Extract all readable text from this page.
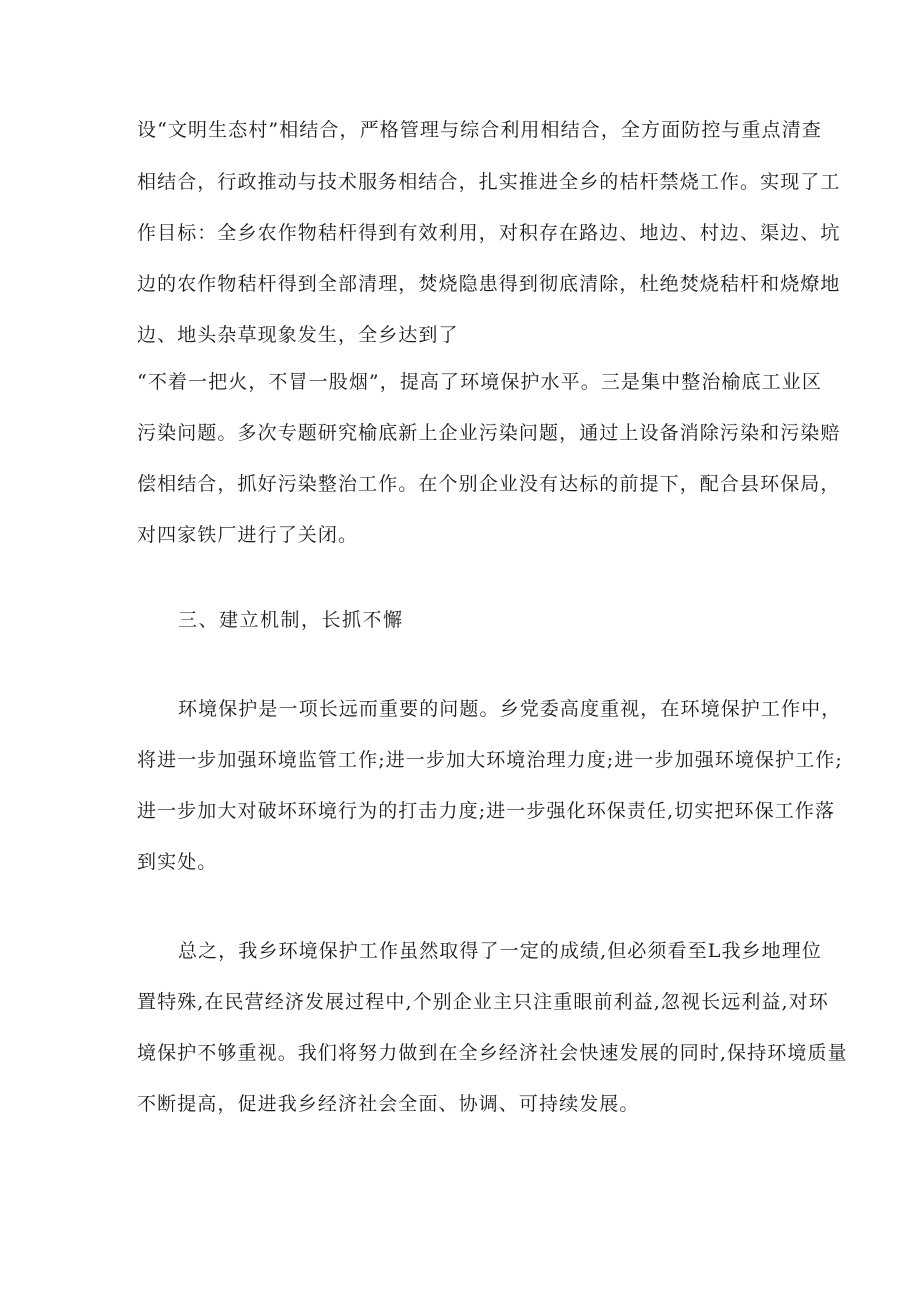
设“文明生态村”相结合，严格管理与综合利用相结合，全方面防控与重点清查
相结合，行政推动与技术服务相结合，扎实推进全乡的桔杆禁烧工作。实现了工
作目标：全乡农作物秸杆得到有效利用，对积存在路边、地边、村边、渠边、坑
边的农作物秸杆得到全部清理，焚烧隐患得到彻底清除，杜绝焚烧秸杆和烧燎地
边、地头杂草现象发生，全乡达到了
“不着一把火，不冒一股烟”，提高了环境保护水平。三是集中整治榆底工业区
污染问题。多次专题研究榆底新上企业污染问题，通过上设备消除污染和污染赔
偿相结合，抓好污染整治工作。在个别企业没有达标的前提下，配合县环保局，
对四家铁厂进行了关闭。
三、建立机制，长抓不懈
环境保护是一项长远而重要的问题。乡党委高度重视，在环境保护工作中，
将进一步加强环境监管工作;进一步加大环境治理力度;进一步加强环境保护工作;
进一步加大对破坏环境行为的打击力度;进一步强化环保责任,切实把环保工作落
到实处。
总之，我乡环境保护工作虽然取得了一定的成绩,但必须看至L我乡地理位
置特殊,在民营经济发展过程中,个别企业主只注重眼前利益,忽视长远利益,对环
境保护不够重视。我们将努力做到在全乡经济社会快速发展的同时,保持环境质量
不断提高，促进我乡经济社会全面、协调、可持续发展。
